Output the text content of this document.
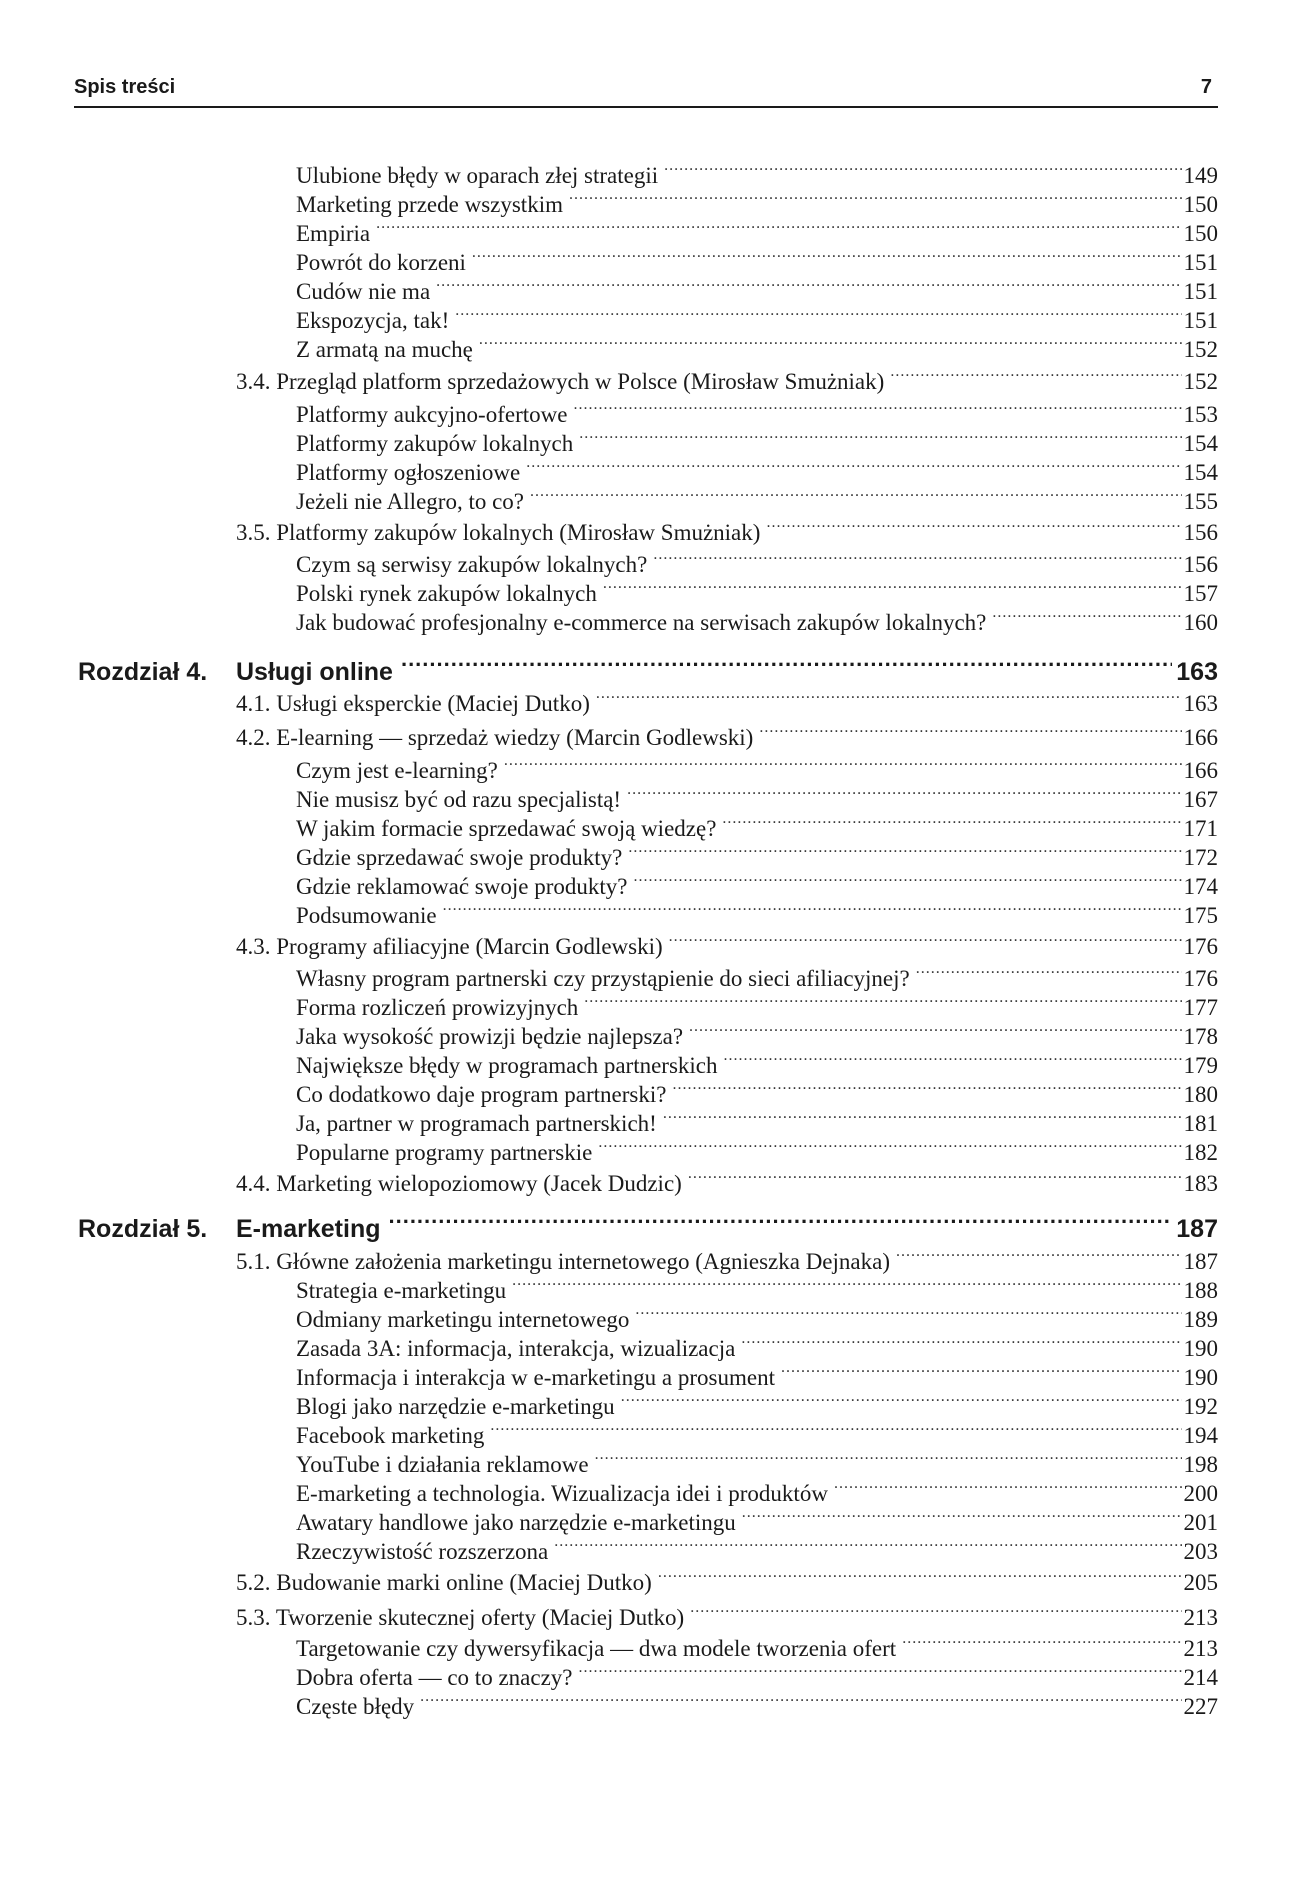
Spis treści	7
Ulubione błędy w oparach złej strategii .....	149
Marketing przede wszystkim .....	150
Empiria .....	150
Powrót do korzeni .....	151
Cudów nie ma .....	151
Ekspozycja, tak! .....	151
Z armatą na muchę .....	152
3.4. Przegląd platform sprzedażowych w Polsce (Mirosław Smużniak) .....	152
Platformy aukcyjno-ofertowe .....	153
Platformy zakupów lokalnych .....	154
Platformy ogłoszeniowe .....	154
Jeżeli nie Allegro, to co? .....	155
3.5. Platformy zakupów lokalnych (Mirosław Smużniak) .....	156
Czym są serwisy zakupów lokalnych? .....	156
Polski rynek zakupów lokalnych .....	157
Jak budować profesjonalny e-commerce na serwisach zakupów lokalnych? .....	160
Rozdział 4.	Usługi online .....	163
4.1. Usługi eksperckie (Maciej Dutko) .....	163
4.2. E-learning — sprzedaż wiedzy (Marcin Godlewski) .....	166
Czym jest e-learning? .....	166
Nie musisz być od razu specjalistą! .....	167
W jakim formacie sprzedawać swoją wiedzę? .....	171
Gdzie sprzedawać swoje produkty? .....	172
Gdzie reklamować swoje produkty? .....	174
Podsumowanie .....	175
4.3. Programy afiliacyjne (Marcin Godlewski) .....	176
Własny program partnerski czy przystąpienie do sieci afiliacyjnej? .....	176
Forma rozliczeń prowizyjnych .....	177
Jaka wysokość prowizji będzie najlepsza? .....	178
Największe błędy w programach partnerskich .....	179
Co dodatkowo daje program partnerski? .....	180
Ja, partner w programach partnerskich! .....	181
Popularne programy partnerskie .....	182
4.4. Marketing wielopoziomowy (Jacek Dudzic) .....	183
Rozdział 5.	E-marketing .....	187
5.1. Główne założenia marketingu internetowego (Agnieszka Dejnaka) .....	187
Strategia e-marketingu .....	188
Odmiany marketingu internetowego .....	189
Zasada 3A: informacja, interakcja, wizualizacja .....	190
Informacja i interakcja w e-marketingu a prosument .....	190
Blogi jako narzędzie e-marketingu .....	192
Facebook marketing .....	194
YouTube i działania reklamowe .....	198
E-marketing a technologia. Wizualizacja idei i produktów .....	200
Awatary handlowe jako narzędzie e-marketingu .....	201
Rzeczywistość rozszerzona .....	203
5.2. Budowanie marki online (Maciej Dutko) .....	205
5.3. Tworzenie skutecznej oferty (Maciej Dutko) .....	213
Targetowanie czy dywersyfikacja — dwa modele tworzenia ofert .....	213
Dobra oferta — co to znaczy? .....	214
Częste błędy .....	227
